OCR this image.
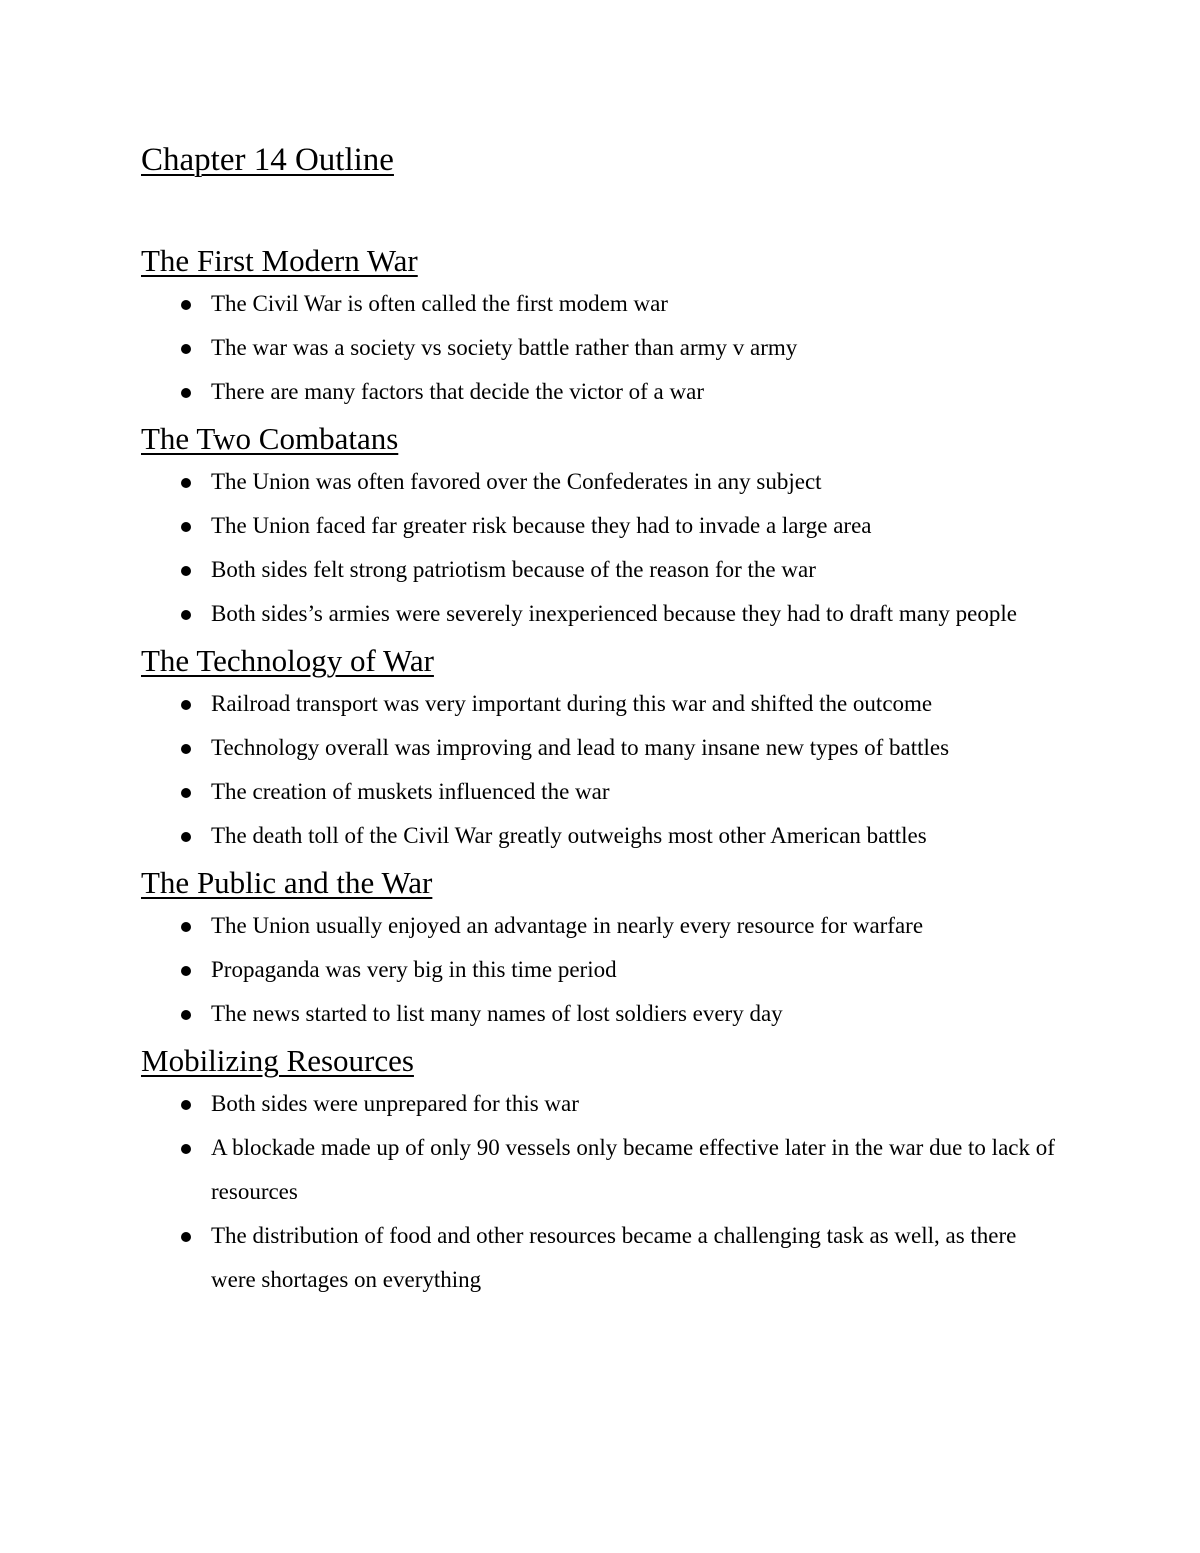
Chapter 14 Outline
The First Modern War
The Civil War is often called the first modem war
The war was a society vs society battle rather than army v army
There are many factors that decide the victor of a war
The Two Combatans
The Union was often favored over the Confederates in any subject
The Union faced far greater risk because they had to invade a large area
Both sides felt strong patriotism because of the reason for the war
Both sides’s armies were severely inexperienced because they had to draft many people
The Technology of War
Railroad transport was very important during this war and shifted the outcome
Technology overall was improving and lead to many insane new types of battles
The creation of muskets influenced the war
The death toll of the Civil War greatly outweighs most other American battles
The Public and the War
The Union usually enjoyed an advantage in nearly every resource for warfare
Propaganda was very big in this time period
The news started to list many names of lost soldiers every day
Mobilizing Resources
Both sides were unprepared for this war
A blockade made up of only 90 vessels only became effective later in the war due to lack of resources
The distribution of food and other resources became a challenging task as well, as there were shortages on everything
